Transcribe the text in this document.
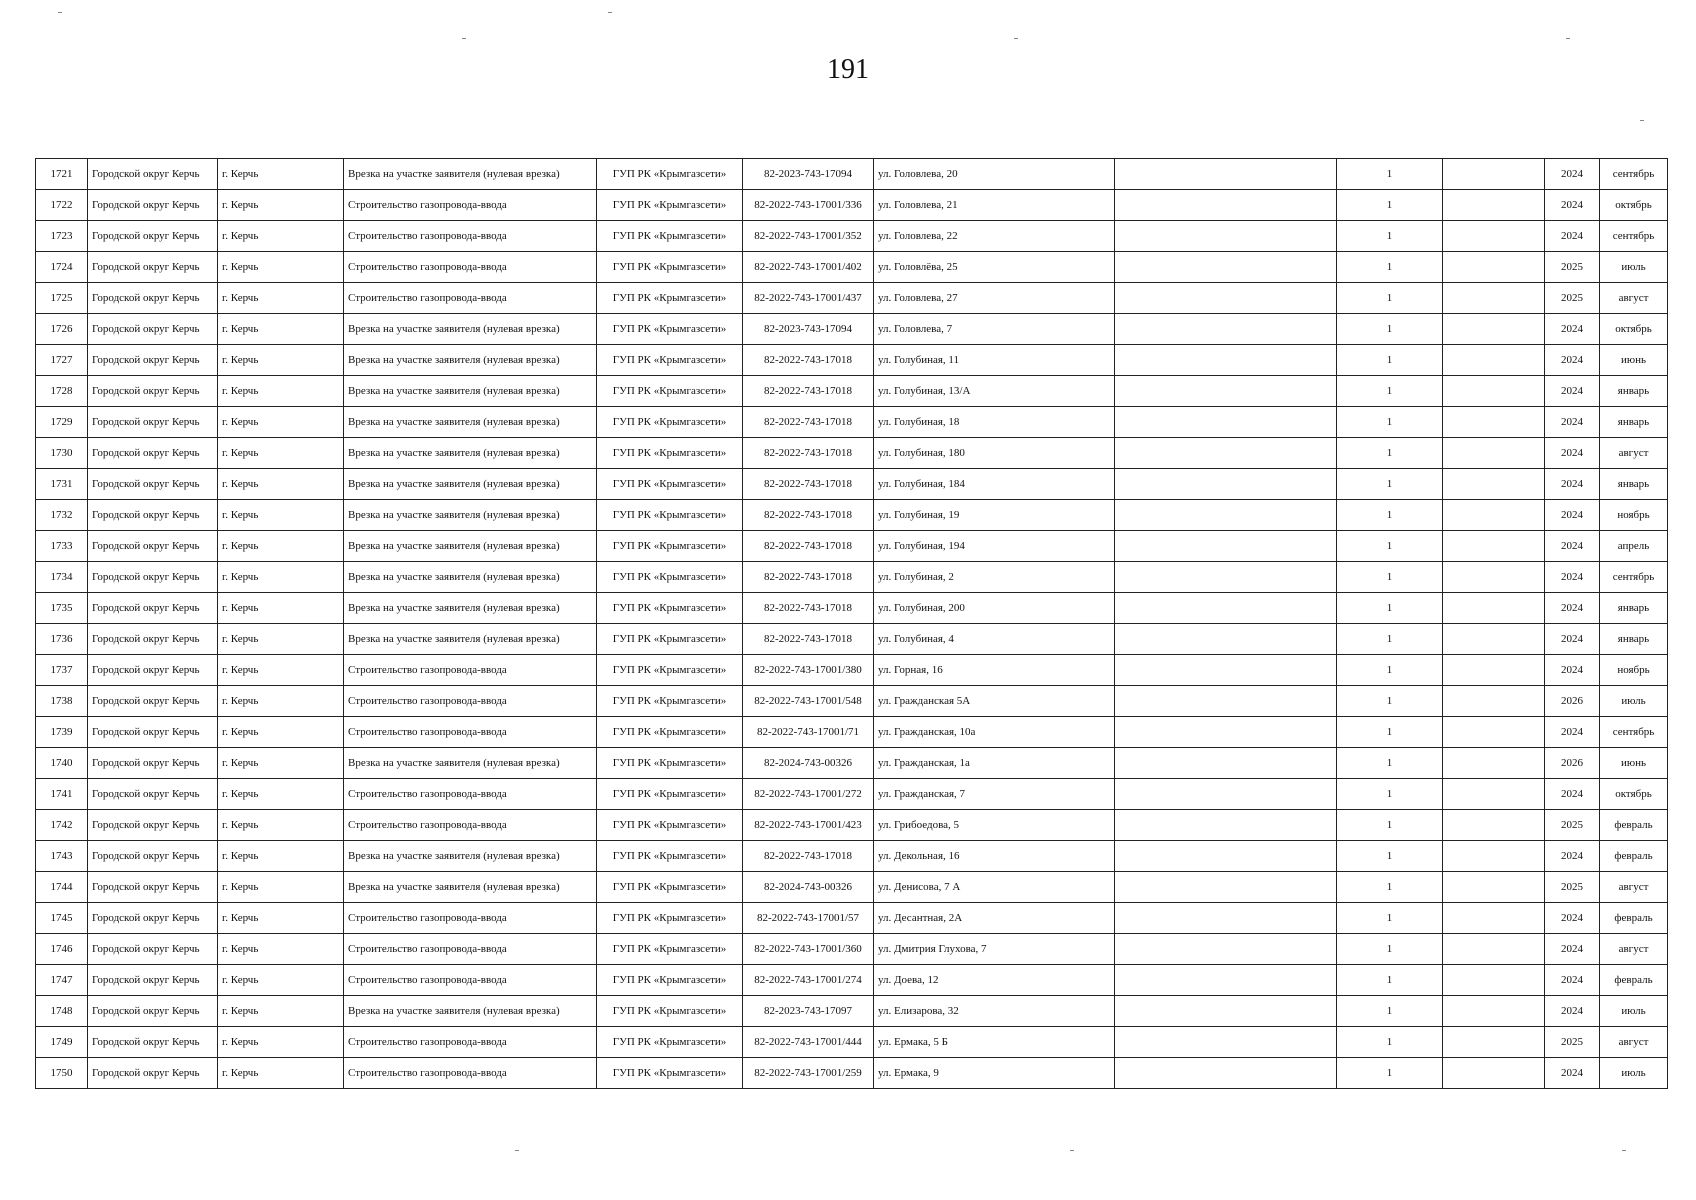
191
1721	Городской округ Керчь	г. Керчь	Врезка на участке заявителя (нулевая врезка)	ГУП РК «Крымгазсети»	82-2023-743-17094	ул. Головлева, 20		1		2024	сентябрь
1722	Городской округ Керчь	г. Керчь	Строительство газопровода-ввода	ГУП РК «Крымгазсети»	82-2022-743-17001/336	ул. Головлева, 21		1		2024	октябрь
1723	Городской округ Керчь	г. Керчь	Строительство газопровода-ввода	ГУП РК «Крымгазсети»	82-2022-743-17001/352	ул. Головлева, 22		1		2024	сентябрь
1724	Городской округ Керчь	г. Керчь	Строительство газопровода-ввода	ГУП РК «Крымгазсети»	82-2022-743-17001/402	ул. Головлёва, 25		1		2025	июль
1725	Городской округ Керчь	г. Керчь	Строительство газопровода-ввода	ГУП РК «Крымгазсети»	82-2022-743-17001/437	ул. Головлева, 27		1		2025	август
1726	Городской округ Керчь	г. Керчь	Врезка на участке заявителя (нулевая врезка)	ГУП РК «Крымгазсети»	82-2023-743-17094	ул. Головлева, 7		1		2024	октябрь
1727	Городской округ Керчь	г. Керчь	Врезка на участке заявителя (нулевая врезка)	ГУП РК «Крымгазсети»	82-2022-743-17018	ул. Голубиная, 11		1		2024	июнь
1728	Городской округ Керчь	г. Керчь	Врезка на участке заявителя (нулевая врезка)	ГУП РК «Крымгазсети»	82-2022-743-17018	ул. Голубиная, 13/А		1		2024	январь
1729	Городской округ Керчь	г. Керчь	Врезка на участке заявителя (нулевая врезка)	ГУП РК «Крымгазсети»	82-2022-743-17018	ул. Голубиная, 18		1		2024	январь
1730	Городской округ Керчь	г. Керчь	Врезка на участке заявителя (нулевая врезка)	ГУП РК «Крымгазсети»	82-2022-743-17018	ул. Голубиная, 180		1		2024	август
1731	Городской округ Керчь	г. Керчь	Врезка на участке заявителя (нулевая врезка)	ГУП РК «Крымгазсети»	82-2022-743-17018	ул. Голубиная, 184		1		2024	январь
1732	Городской округ Керчь	г. Керчь	Врезка на участке заявителя (нулевая врезка)	ГУП РК «Крымгазсети»	82-2022-743-17018	ул. Голубиная, 19		1		2024	ноябрь
1733	Городской округ Керчь	г. Керчь	Врезка на участке заявителя (нулевая врезка)	ГУП РК «Крымгазсети»	82-2022-743-17018	ул. Голубиная, 194		1		2024	апрель
1734	Городской округ Керчь	г. Керчь	Врезка на участке заявителя (нулевая врезка)	ГУП РК «Крымгазсети»	82-2022-743-17018	ул. Голубиная, 2		1		2024	сентябрь
1735	Городской округ Керчь	г. Керчь	Врезка на участке заявителя (нулевая врезка)	ГУП РК «Крымгазсети»	82-2022-743-17018	ул. Голубиная, 200		1		2024	январь
1736	Городской округ Керчь	г. Керчь	Врезка на участке заявителя (нулевая врезка)	ГУП РК «Крымгазсети»	82-2022-743-17018	ул. Голубиная, 4		1		2024	январь
1737	Городской округ Керчь	г. Керчь	Строительство газопровода-ввода	ГУП РК «Крымгазсети»	82-2022-743-17001/380	ул. Горная, 16		1		2024	ноябрь
1738	Городской округ Керчь	г. Керчь	Строительство газопровода-ввода	ГУП РК «Крымгазсети»	82-2022-743-17001/548	ул. Гражданская 5А		1		2026	июль
1739	Городской округ Керчь	г. Керчь	Строительство газопровода-ввода	ГУП РК «Крымгазсети»	82-2022-743-17001/71	ул. Гражданская, 10а		1		2024	сентябрь
1740	Городской округ Керчь	г. Керчь	Врезка на участке заявителя (нулевая врезка)	ГУП РК «Крымгазсети»	82-2024-743-00326	ул. Гражданская, 1а		1		2026	июнь
1741	Городской округ Керчь	г. Керчь	Строительство газопровода-ввода	ГУП РК «Крымгазсети»	82-2022-743-17001/272	ул. Гражданская, 7		1		2024	октябрь
1742	Городской округ Керчь	г. Керчь	Строительство газопровода-ввода	ГУП РК «Крымгазсети»	82-2022-743-17001/423	ул. Грибоедова, 5		1		2025	февраль
1743	Городской округ Керчь	г. Керчь	Врезка на участке заявителя (нулевая врезка)	ГУП РК «Крымгазсети»	82-2022-743-17018	ул. Декольная, 16		1		2024	февраль
1744	Городской округ Керчь	г. Керчь	Врезка на участке заявителя (нулевая врезка)	ГУП РК «Крымгазсети»	82-2024-743-00326	ул. Денисова, 7 А		1		2025	август
1745	Городской округ Керчь	г. Керчь	Строительство газопровода-ввода	ГУП РК «Крымгазсети»	82-2022-743-17001/57	ул. Десантная, 2А		1		2024	февраль
1746	Городской округ Керчь	г. Керчь	Строительство газопровода-ввода	ГУП РК «Крымгазсети»	82-2022-743-17001/360	ул. Дмитрия Глухова, 7		1		2024	август
1747	Городской округ Керчь	г. Керчь	Строительство газопровода-ввода	ГУП РК «Крымгазсети»	82-2022-743-17001/274	ул. Доева, 12		1		2024	февраль
1748	Городской округ Керчь	г. Керчь	Врезка на участке заявителя (нулевая врезка)	ГУП РК «Крымгазсети»	82-2023-743-17097	ул. Елизарова, 32		1		2024	июль
1749	Городской округ Керчь	г. Керчь	Строительство газопровода-ввода	ГУП РК «Крымгазсети»	82-2022-743-17001/444	ул. Ермака, 5 Б		1		2025	август
1750	Городской округ Керчь	г. Керчь	Строительство газопровода-ввода	ГУП РК «Крымгазсети»	82-2022-743-17001/259	ул. Ермака, 9		1		2024	июль
